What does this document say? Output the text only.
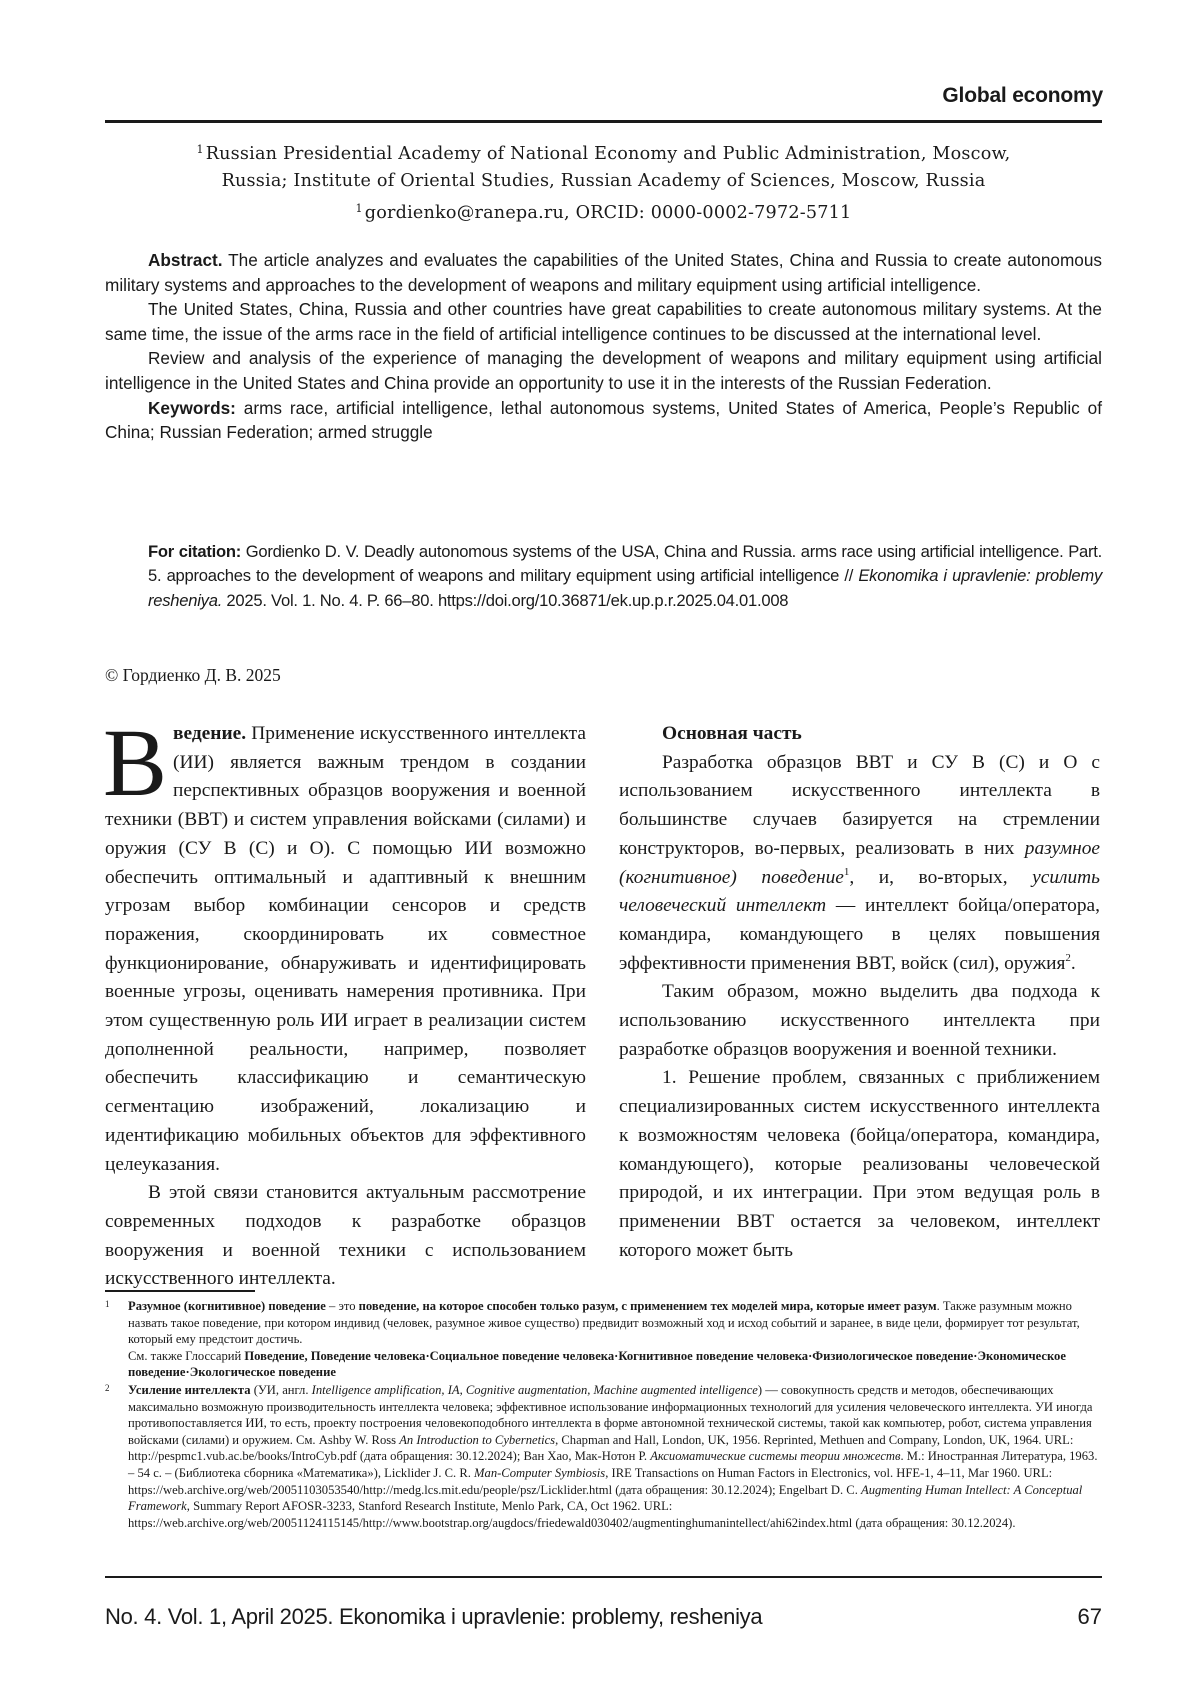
Global economy
$^1$ Russian Presidential Academy of National Economy and Public Administration, Moscow,
Russia; Institute of Oriental Studies, Russian Academy of Sciences, Moscow, Russia
$^1$ gordienko@ranepa.ru, ORCID: 0000-0002-7972-5711

Abstract. The article analyzes and evaluates the capabilities of the United States, China and Russia to create autonomous military systems and approaches to the development of weapons and military equipment using artificial intelligence.

The United States, China, Russia and other countries have great capabilities to create autonomous military systems. At the same time, the issue of the arms race in the field of artificial intelligence continues to be discussed at the international level.

Review and analysis of the experience of managing the development of weapons and military equipment using artificial intelligence in the United States and China provide an opportunity to use it in the interests of the Russian Federation.

Keywords: arms race, artificial intelligence, lethal autonomous systems, United States of America, People’s Republic of China; Russian Federation; armed struggle

For citation: Gordienko D. V. Deadly autonomous systems of the USA, China and Russia. arms race using artificial intelligence. Part. 5. approaches to the development of weapons and military equipment using artificial intelligence // Ekonomika i upravlenie: problemy resheniya. 2025. Vol. 1. No. 4. P. 66–80. https://doi.org/10.36871/ek.up.p.r.2025.04.01.008
© Гордиенко Д. В. 2025

Введение. Применение искусственного интеллекта (ИИ) является важным трендом в создании перспективных образцов вооружения и военной техники (ВВТ) и систем управления войсками (силами) и оружия (СУ В (С) и О). С помощью ИИ возможно обеспечить оптимальный и адаптивный к внешним угрозам выбор комбинации сенсоров и средств поражения, скоординировать их совместное функционирование, обнаруживать и идентифицировать военные угрозы, оценивать намерения противника. При этом существенную роль ИИ играет в реализации систем дополненной реальности, например, позволяет обеспечить классификацию и семантическую сегментацию изображений, локализацию и идентификацию мобильных объектов для эффективного целеуказания.

В этой связи становится актуальным рассмотрение современных подходов к разработке образцов вооружения и военной техники с использованием искусственного интеллекта.

Основная часть

Разработка образцов ВВТ и СУ В (С) и О с использованием искусственного интеллекта в большинстве случаев базируется на стремлении конструкторов, во-первых, реализовать в них разумное (когнитивное) поведение$^1$, и, во-вторых, усилить человеческий интеллект — интеллект бойца/оператора, командира, командующего в целях повышения эффективности применения ВВТ, войск (сил), оружия$^2$.

Таким образом, можно выделить два подхода к использованию искусственного интеллекта при разработке образцов вооружения и военной техники.

1. Решение проблем, связанных с приближением специализированных систем искусственного интеллекта к возможностям человека (бойца/оператора, командира, командующего), которые реализованы человеческой природой, и их интеграции. При этом ведущая роль в применении ВВТ остается за человеком, интеллект которого может быть

1	Разумное (когнитивное) поведение – это поведение, на которое способен только разум, с применением тех моделей мира, которые имеет разум. Также разумным можно назвать такое поведение, при котором индивид (человек, разумное живое существо) предвидит возможный ход и исход событий и заранее, в виде цели, формирует тот результат, который ему предстоит достичь.
См. также Глоссарий Поведение, Поведение человека·Социальное поведение человека·Когнитивное поведение человека·Физиологическое поведение·Экономическое поведение·Экологическое поведение
2	Усиление интеллекта (УИ, англ. Intelligence amplification, IA, Cognitive augmentation, Machine augmented intelligence) — совокупность средств и методов, обеспечивающих максимально возможную производительность интеллекта человека; эффективное использование информационных технологий для усиления человеческого интеллекта. УИ иногда противопоставляется ИИ, то есть, проекту построения человекоподобного интеллекта в форме автономной технической системы, такой как компьютер, робот, система управления войсками (силами) и оружием. См. Ashby W. Ross An Introduction to Cybernetics, Chapman and Hall, London, UK, 1956. Reprinted, Methuen and Company, London, UK, 1964. URL: http://pespmc1.vub.ac.be/books/IntroCyb.pdf (дата обращения: 30.12.2024); Ван Хао, Мак-Нотон Р. Аксиоматические системы теории множеств. М.: Иностранная Литература, 1963. – 54 с. – (Библиотека сборника «Математика»), Licklider J. C. R. Man-Computer Symbiosis, IRE Transactions on Human Factors in Electronics, vol. HFE-1, 4–11, Mar 1960. URL: https://web.archive.org/web/20051103053540/http://medg.lcs.mit.edu/people/psz/Licklider.html (дата обращения: 30.12.2024); Engelbart D. C. Augmenting Human Intellect: A Conceptual Framework, Summary Report AFOSR-3233, Stanford Research Institute, Menlo Park, CA, Oct 1962. URL: https://web.archive.org/web/20051124115145/http://www.bootstrap.org/augdocs/friedewald030402/augmentinghumanintellect/ahi62index.html (дата обращения: 30.12.2024).
No. 4. Vol. 1, April 2025. Ekonomika i upravlenie: problemy, resheniya	67
